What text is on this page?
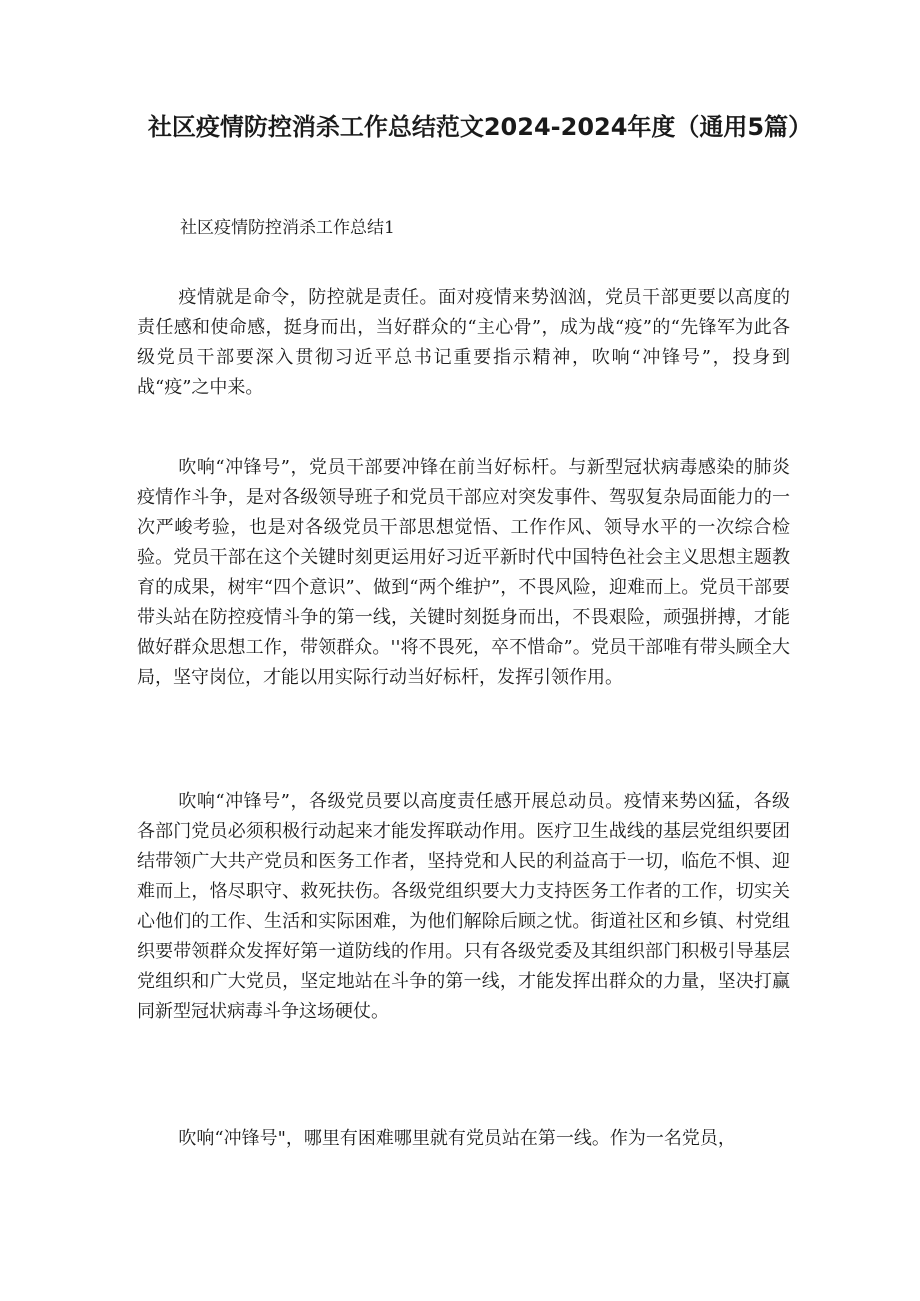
社区疫情防控消杀工作总结范文2024-2024年度（通用5篇）

社区疫情防控消杀工作总结1

疫情就是命令，防控就是责任。面对疫情来势汹汹，党员干部更要以高度的责任感和使命感，挺身而出，当好群众的“主心骨”，成为战“疫”的“先锋军为此各级党员干部要深入贯彻习近平总书记重要指示精神，吹响“冲锋号”，投身到战“疫”之中来。

吹响“冲锋号”，党员干部要冲锋在前当好标杆。与新型冠状病毒感染的肺炎疫情作斗争，是对各级领导班子和党员干部应对突发事件、驾驭复杂局面能力的一次严峻考验，也是对各级党员干部思想觉悟、工作作风、领导水平的一次综合检验。党员干部在这个关键时刻更运用好习近平新时代中国特色社会主义思想主题教育的成果，树牢“四个意识”、做到“两个维护”，不畏风险，迎难而上。党员干部要带头站在防控疫情斗争的第一线，关键时刻挺身而出，不畏艰险，顽强拼搏，才能做好群众思想工作，带领群众。''将不畏死，卒不惜命”。党员干部唯有带头顾全大局，坚守岗位，才能以用实际行动当好标杆，发挥引领作用。

吹响“冲锋号”，各级党员要以高度责任感开展总动员。疫情来势凶猛，各级各部门党员必须积极行动起来才能发挥联动作用。医疗卫生战线的基层党组织要团结带领广大共产党员和医务工作者，坚持党和人民的利益高于一切，临危不惧、迎难而上，恪尽职守、救死扶伤。各级党组织要大力支持医务工作者的工作，切实关心他们的工作、生活和实际困难，为他们解除后顾之忧。街道社区和乡镇、村党组织要带领群众发挥好第一道防线的作用。只有各级党委及其组织部门积极引导基层党组织和广大党员，坚定地站在斗争的第一线，才能发挥出群众的力量，坚决打赢同新型冠状病毒斗争这场硬仗。

吹响“冲锋号"，哪里有困难哪里就有党员站在第一线。作为一名党员，
